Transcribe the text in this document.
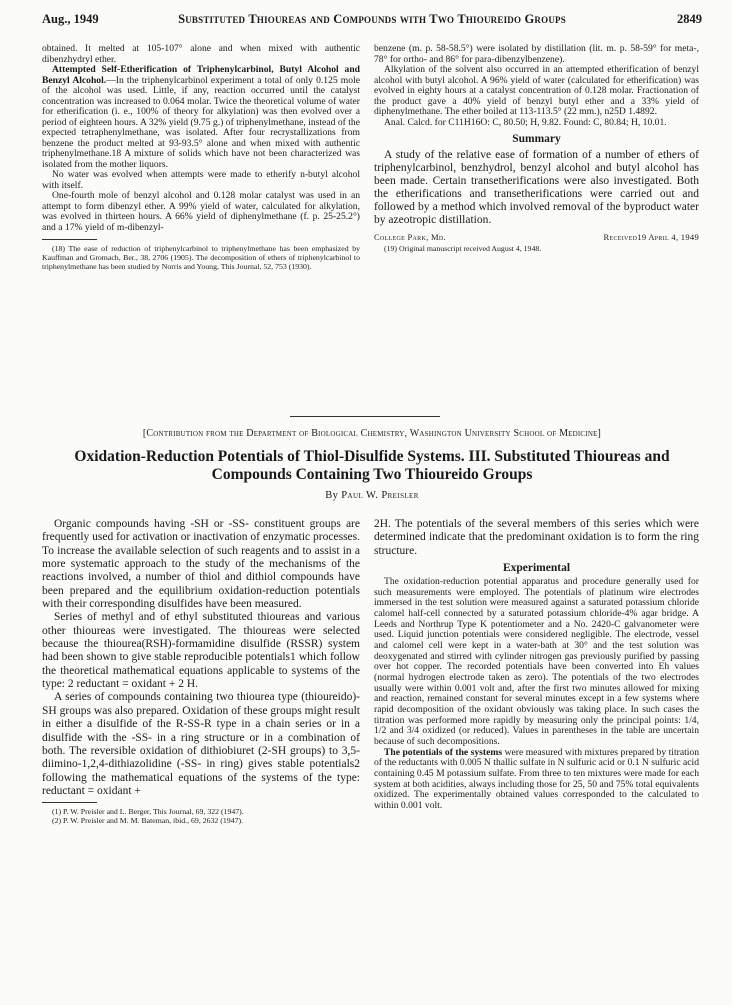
Aug., 1949	Substituted Thioureas and Compounds with Two Thioureido Groups	2849

obtained. It melted at 105-107° alone and when mixed with authentic dibenzhydryl ether.

Attempted Self-Etherification of Triphenylcarbinol, Butyl Alcohol and Benzyl Alcohol.—In the triphenylcarbinol experiment a total of only 0.125 mole of the alcohol was used. Little, if any, reaction occurred until the catalyst concentration was increased to 0.064 molar. Twice the theoretical volume of water for etherification (i. e., 100% of theory for alkylation) was then evolved over a period of eighteen hours. A 32% yield (9.75 g.) of triphenylmethane, instead of the expected tetraphenylmethane, was isolated. After four recrystallizations from benzene the product melted at 93-93.5° alone and when mixed with authentic triphenylmethane.18 A mixture of solids which have not been characterized was isolated from the mother liquors.

No water was evolved when attempts were made to etherify n-butyl alcohol with itself.

One-fourth mole of benzyl alcohol and 0.128 molar catalyst was used in an attempt to form dibenzyl ether. A 99% yield of water, calculated for alkylation, was evolved in thirteen hours. A 66% yield of diphenylmethane (f. p. 25-25.2°) and a 17% yield of m-dibenzyl-

(18) The ease of reduction of triphenylcarbinol to triphenylmethane has been emphasized by Kauffman and Gromach, Ber., 38, 2706 (1905). The decomposition of ethers of triphenylcarbinol to triphenylmethane has been studied by Norris and Young, This Journal, 52, 753 (1930).

benzene (m. p. 58-58.5°) were isolated by distillation (lit. m. p. 58-59° for meta-, 78° for ortho- and 86° for para-dibenzylbenzene).

Alkylation of the solvent also occurred in an attempted etherification of benzyl alcohol with butyl alcohol. A 96% yield of water (calculated for etherification) was evolved in eighty hours at a catalyst concentration of 0.128 molar. Fractionation of the product gave a 40% yield of benzyl butyl ether and a 33% yield of diphenylmethane. The ether boiled at 113-113.5° (22 mm.), n25D 1.4892.

Anal. Calcd. for C11H16O: C, 80.50; H, 9.82. Found: C, 80.84; H, 10.01.

Summary

A study of the relative ease of formation of a number of ethers of triphenylcarbinol, benzhydrol, benzyl alcohol and butyl alcohol has been made. Certain transetherifications were also investigated. Both the etherifications and transetherifications were carried out and followed by a method which involved removal of the byproduct water by azeotropic distillation.

College Park, Md.	Received19 April 4, 1949

(19) Original manuscript received August 4, 1948.

[Contribution from the Department of Biological Chemistry, Washington University School of Medicine]
Oxidation-Reduction Potentials of Thiol-Disulfide Systems. III. Substituted Thioureas and Compounds Containing Two Thioureido Groups
By Paul W. Preisler

Organic compounds having -SH or -SS- constituent groups are frequently used for activation or inactivation of enzymatic processes. To increase the available selection of such reagents and to assist in a more systematic approach to the study of the mechanisms of the reactions involved, a number of thiol and dithiol compounds have been prepared and the equilibrium oxidation-reduction potentials with their corresponding disulfides have been measured.

Series of methyl and of ethyl substituted thioureas and various other thioureas were investigated. The thioureas were selected because the thiourea(RSH)-formamidine disulfide (RSSR) system had been shown to give stable reproducible potentials1 which follow the theoretical mathematical equations applicable to systems of the type: 2 reductant = oxidant + 2 H.

A series of compounds containing two thiourea type (thioureido)-SH groups was also prepared. Oxidation of these groups might result in either a disulfide of the R-SS-R type in a chain series or in a disulfide with the -SS- in a ring structure or in a combination of both. The reversible oxidation of dithiobiuret (2-SH groups) to 3,5-diimino-1,2,4-dithiazolidine (-SS- in ring) gives stable potentials2 following the mathematical equations of the systems of the type: reductant = oxidant +

(1) P. W. Preisler and L. Berger, This Journal, 69, 322 (1947).

(2) P. W. Preisler and M. M. Bateman, ibid., 69, 2632 (1947).

2H. The potentials of the several members of this series which were determined indicate that the predominant oxidation is to form the ring structure.

Experimental

The oxidation-reduction potential apparatus and procedure generally used for such measurements were employed. The potentials of platinum wire electrodes immersed in the test solution were measured against a saturated potassium chloride calomel half-cell connected by a saturated potassium chloride-4% agar bridge. A Leeds and Northrup Type K potentiometer and a No. 2420-C galvanometer were used. Liquid junction potentials were considered negligible. The electrode, vessel and calomel cell were kept in a water-bath at 30° and the test solution was deoxygenated and stirred with cylinder nitrogen gas previously purified by passing over hot copper. The recorded potentials have been converted into Eh values (normal hydrogen electrode taken as zero). The potentials of the two electrodes usually were within 0.001 volt and, after the first two minutes allowed for mixing and reaction, remained constant for several minutes except in a few systems where rapid decomposition of the oxidant obviously was taking place. In such cases the titration was performed more rapidly by measuring only the principal points: 1/4, 1/2 and 3/4 oxidized (or reduced). Values in parentheses in the table are uncertain because of such decompositions.

The potentials of the systems were measured with mixtures prepared by titration of the reductants with 0.005 N thallic sulfate in N sulfuric acid or 0.1 N sulfuric acid containing 0.45 M potassium sulfate. From three to ten mixtures were made for each system at both acidities, always including those for 25, 50 and 75% total equivalents oxidized. The experimentally obtained values corresponded to the calculated to within 0.001 volt.
